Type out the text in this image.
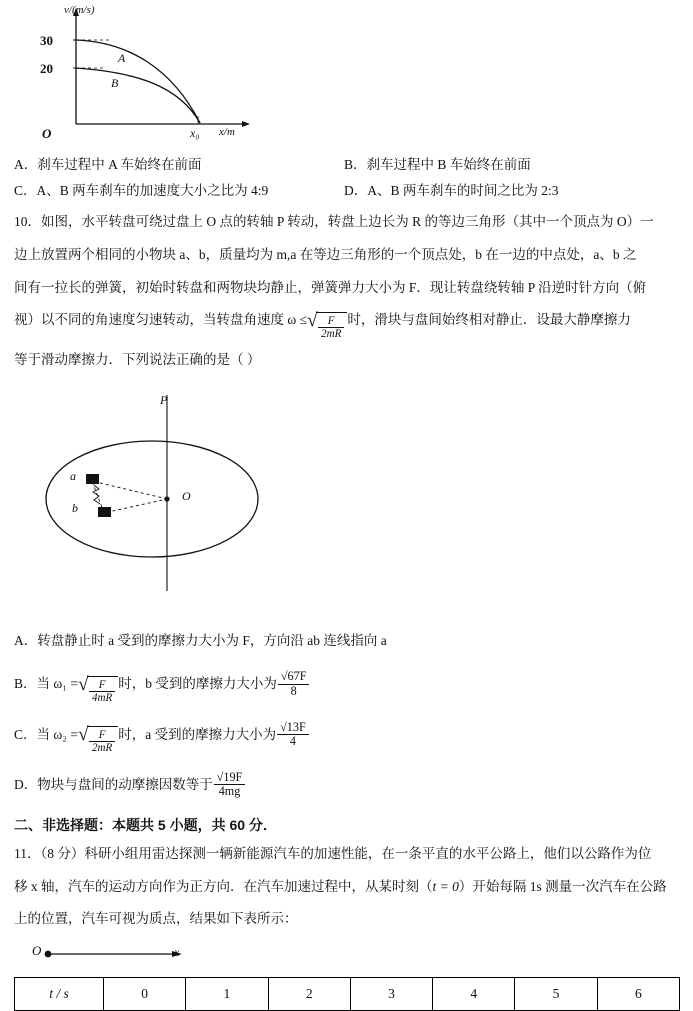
v/(m/s)
30
20
x₀ x/m
O
A
B
A．刹车过程中 A 车始终在前面	B．刹车过程中 B 车始终在前面
C．A、B 两车刹车的加速度大小之比为 4:9	D．A、B 两车刹车的时间之比为 2:3

10．如图，水平转盘可绕过盘上 O 点的转轴 P 转动，转盘上边长为 R 的等边三角形（其中一个顶点为 O）一

边上放置两个相同的小物块 a、b，质量均为 m,a 在等边三角形的一个顶点处，b 在一边的中点处，a、b 之

间有一拉长的弹簧，初始时转盘和两物块均静止，弹簧弹力大小为 F．现让转盘绕转轴 P 沿逆时针方向（俯

视）以不同的角速度匀速转动，当转盘角速度 ω ≤ √ $\frac{F}{2mR}$ 时，滑块与盘间始终相对静止．设最大静摩擦力

等于滑动摩擦力．下列说法正确的是（ ）

P
O
a
b

A．转盘静止时 a 受到的摩擦力大小为 F，方向沿 ab 连线指向 a

B．当 ω₁ = √ $\frac{F}{4mR}$ 时，b 受到的摩擦力大小为 $\frac{√67F}{8}$

C．当 ω₂ = √ $\frac{F}{2mR}$ 时，a 受到的摩擦力大小为 $\frac{√13F}{4}$

D．物块与盘间的动摩擦因数等于 $\frac{√19F}{4mg}$

二、非选择题：本题共 5 小题，共 60 分．

11．（8 分）科研小组用雷达探测一辆新能源汽车的加速性能，在一条平直的水平公路上，他们以公路作为位

移 x 轴，汽车的运动方向作为正方向．在汽车加速过程中，从某时刻（t = 0）开始每隔 1s 测量一次汽车在公路

上的位置，汽车可视为质点，结果如下表所示：

O	x
t / s	0	1	2	3	4	5	6
